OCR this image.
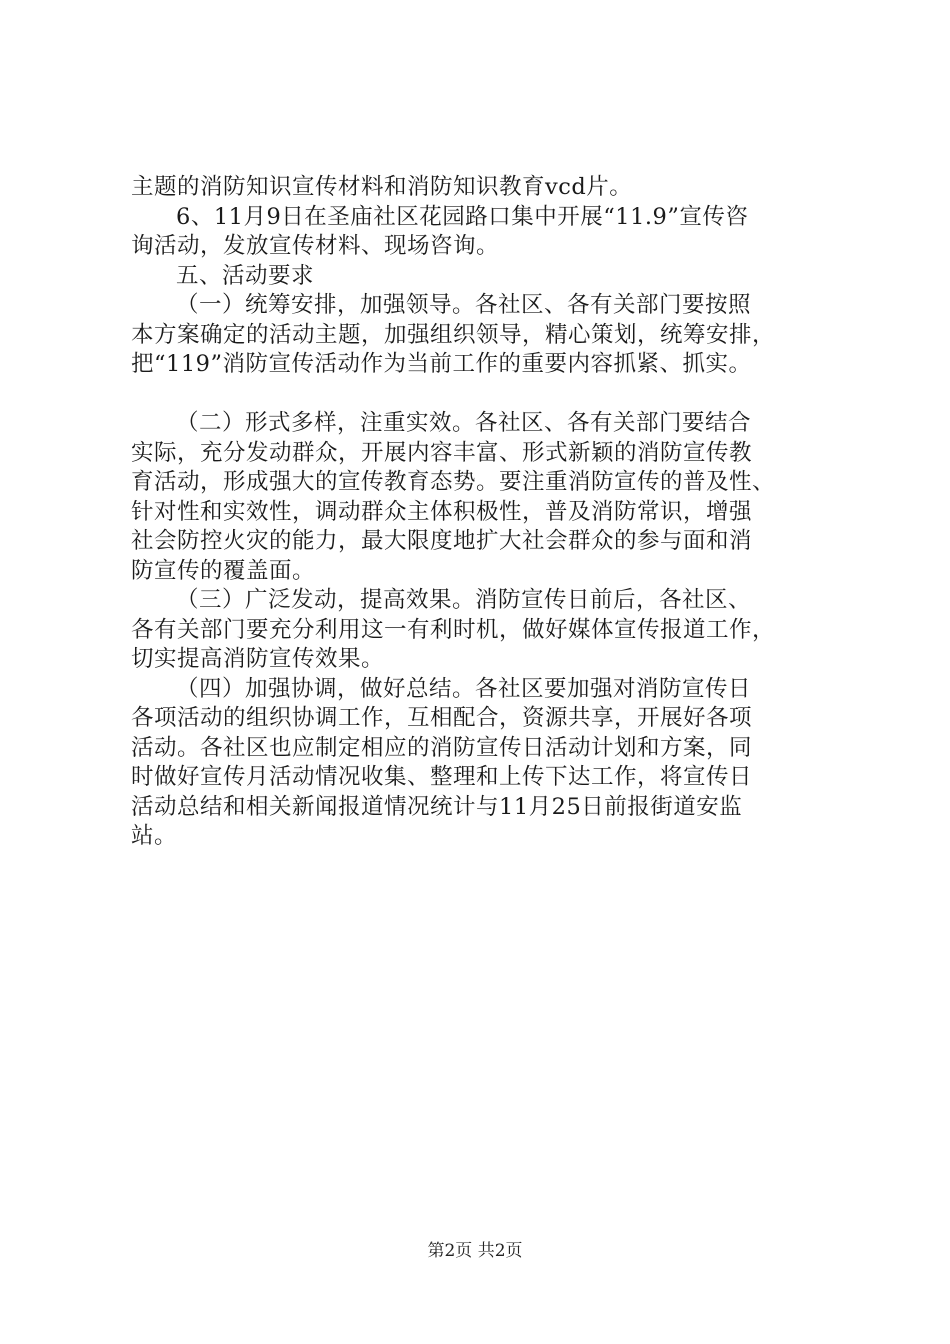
主题的消防知识宣传材料和消防知识教育vcd片。
6、11月9日在圣庙社区花园路口集中开展“11.9”宣传咨
询活动，发放宣传材料、现场咨询。
五、活动要求
（一）统筹安排，加强领导。各社区、各有关部门要按照
本方案确定的活动主题，加强组织领导，精心策划，统筹安排，
把“119”消防宣传活动作为当前工作的重要内容抓紧、抓实。
（二）形式多样，注重实效。各社区、各有关部门要结合
实际，充分发动群众，开展内容丰富、形式新颖的消防宣传教
育活动，形成强大的宣传教育态势。要注重消防宣传的普及性、
针对性和实效性，调动群众主体积极性，普及消防常识，增强
社会防控火灾的能力，最大限度地扩大社会群众的参与面和消
防宣传的覆盖面。
（三）广泛发动，提高效果。消防宣传日前后，各社区、
各有关部门要充分利用这一有利时机，做好媒体宣传报道工作，
切实提高消防宣传效果。
（四）加强协调，做好总结。各社区要加强对消防宣传日
各项活动的组织协调工作，互相配合，资源共享，开展好各项
活动。各社区也应制定相应的消防宣传日活动计划和方案，同
时做好宣传月活动情况收集、整理和上传下达工作，将宣传日
活动总结和相关新闻报道情况统计与11月25日前报街道安监
站。
第2页 共2页
